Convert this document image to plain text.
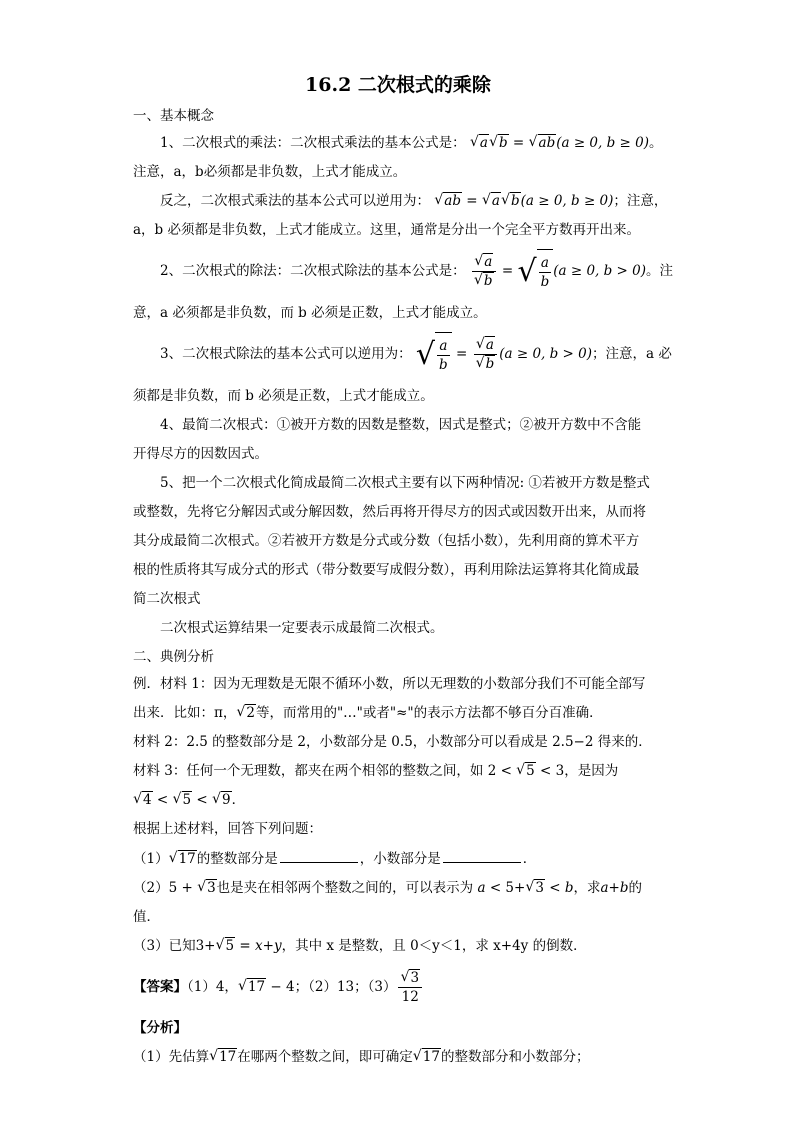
16.2 二次根式的乘除
一、基本概念
1、二次根式的乘法：二次根式乘法的基本公式是： √ a √ b = √ ab(a ≥ 0, b ≥ 0)。
注意，a，b必须都是非负数，上式才能成立。
反之，二次根式乘法的基本公式可以逆用为： √ ab = √ a √ b(a ≥ 0, b ≥ 0)；注意，
a，b 必须都是非负数，上式才能成立。这里，通常是分出一个完全平方数再开出来。
2、二次根式的除法：二次根式除法的基本公式是： √ a
√ b = √ $\frac{a}{b} (a \ge 0$, b > 0)。注
意，a 必须都是非负数，而 b 必须是正数，上式才能成立。
3、二次根式除法的基本公式可以逆用为： √ $\frac{a}{b}$ = √ a
√ b (a ≥ 0, b > 0)；注意，a 必
须都是非负数，而 b 必须是正数，上式才能成立。
4、最简二次根式：①被开方数的因数是整数，因式是整式；②被开方数中不含能
开得尽方的因数因式。
5、把一个二次根式化简成最简二次根式主要有以下两种情况: ①若被开方数是整式
或整数，先将它分解因式或分解因数，然后再将开得尽方的因式或因数开出来，从而将
其分成最简二次根式。②若被开方数是分式或分数（包括小数），先利用商的算术平方
根的性质将其写成分式的形式（带分数要写成假分数），再利用除法运算将其化简成最
简二次根式
二次根式运算结果一定要表示成最简二次根式。
二、典例分析
例．材料 1：因为无理数是无限不循环小数，所以无理数的小数部分我们不可能全部写
出来．比如：π， √ 2等，而常用的"…"或者"≈"的表示方法都不够百分百准确．
材料 2：2.5 的整数部分是 2，小数部分是 0.5，小数部分可以看成是 2.5−2 得来的．
材料 3：任何一个无理数，都夹在两个相邻的整数之间，如 2 < √ 5 < 3，是因为
√ 4 < √ 5 < √ 9．
根据上述材料，回答下列问题：
（1） √ 17的整数部分是	，小数部分是	．
（2）5 + √ 3也是夹在相邻两个整数之间的，可以表示为 a < 5+ √ 3 < b，求a+b的
值．
（3）已知3+ √ 5 = x+y，其中 x 是整数，且 0＜y＜1，求 x+4y 的倒数．
【答案】（1）4， √ 17 − 4；（2）13；（3） √ $\frac{3}{12}$
【分析】
（1）先估算 √ 17在哪两个整数之间，即可确定 √ 17的整数部分和小数部分；
